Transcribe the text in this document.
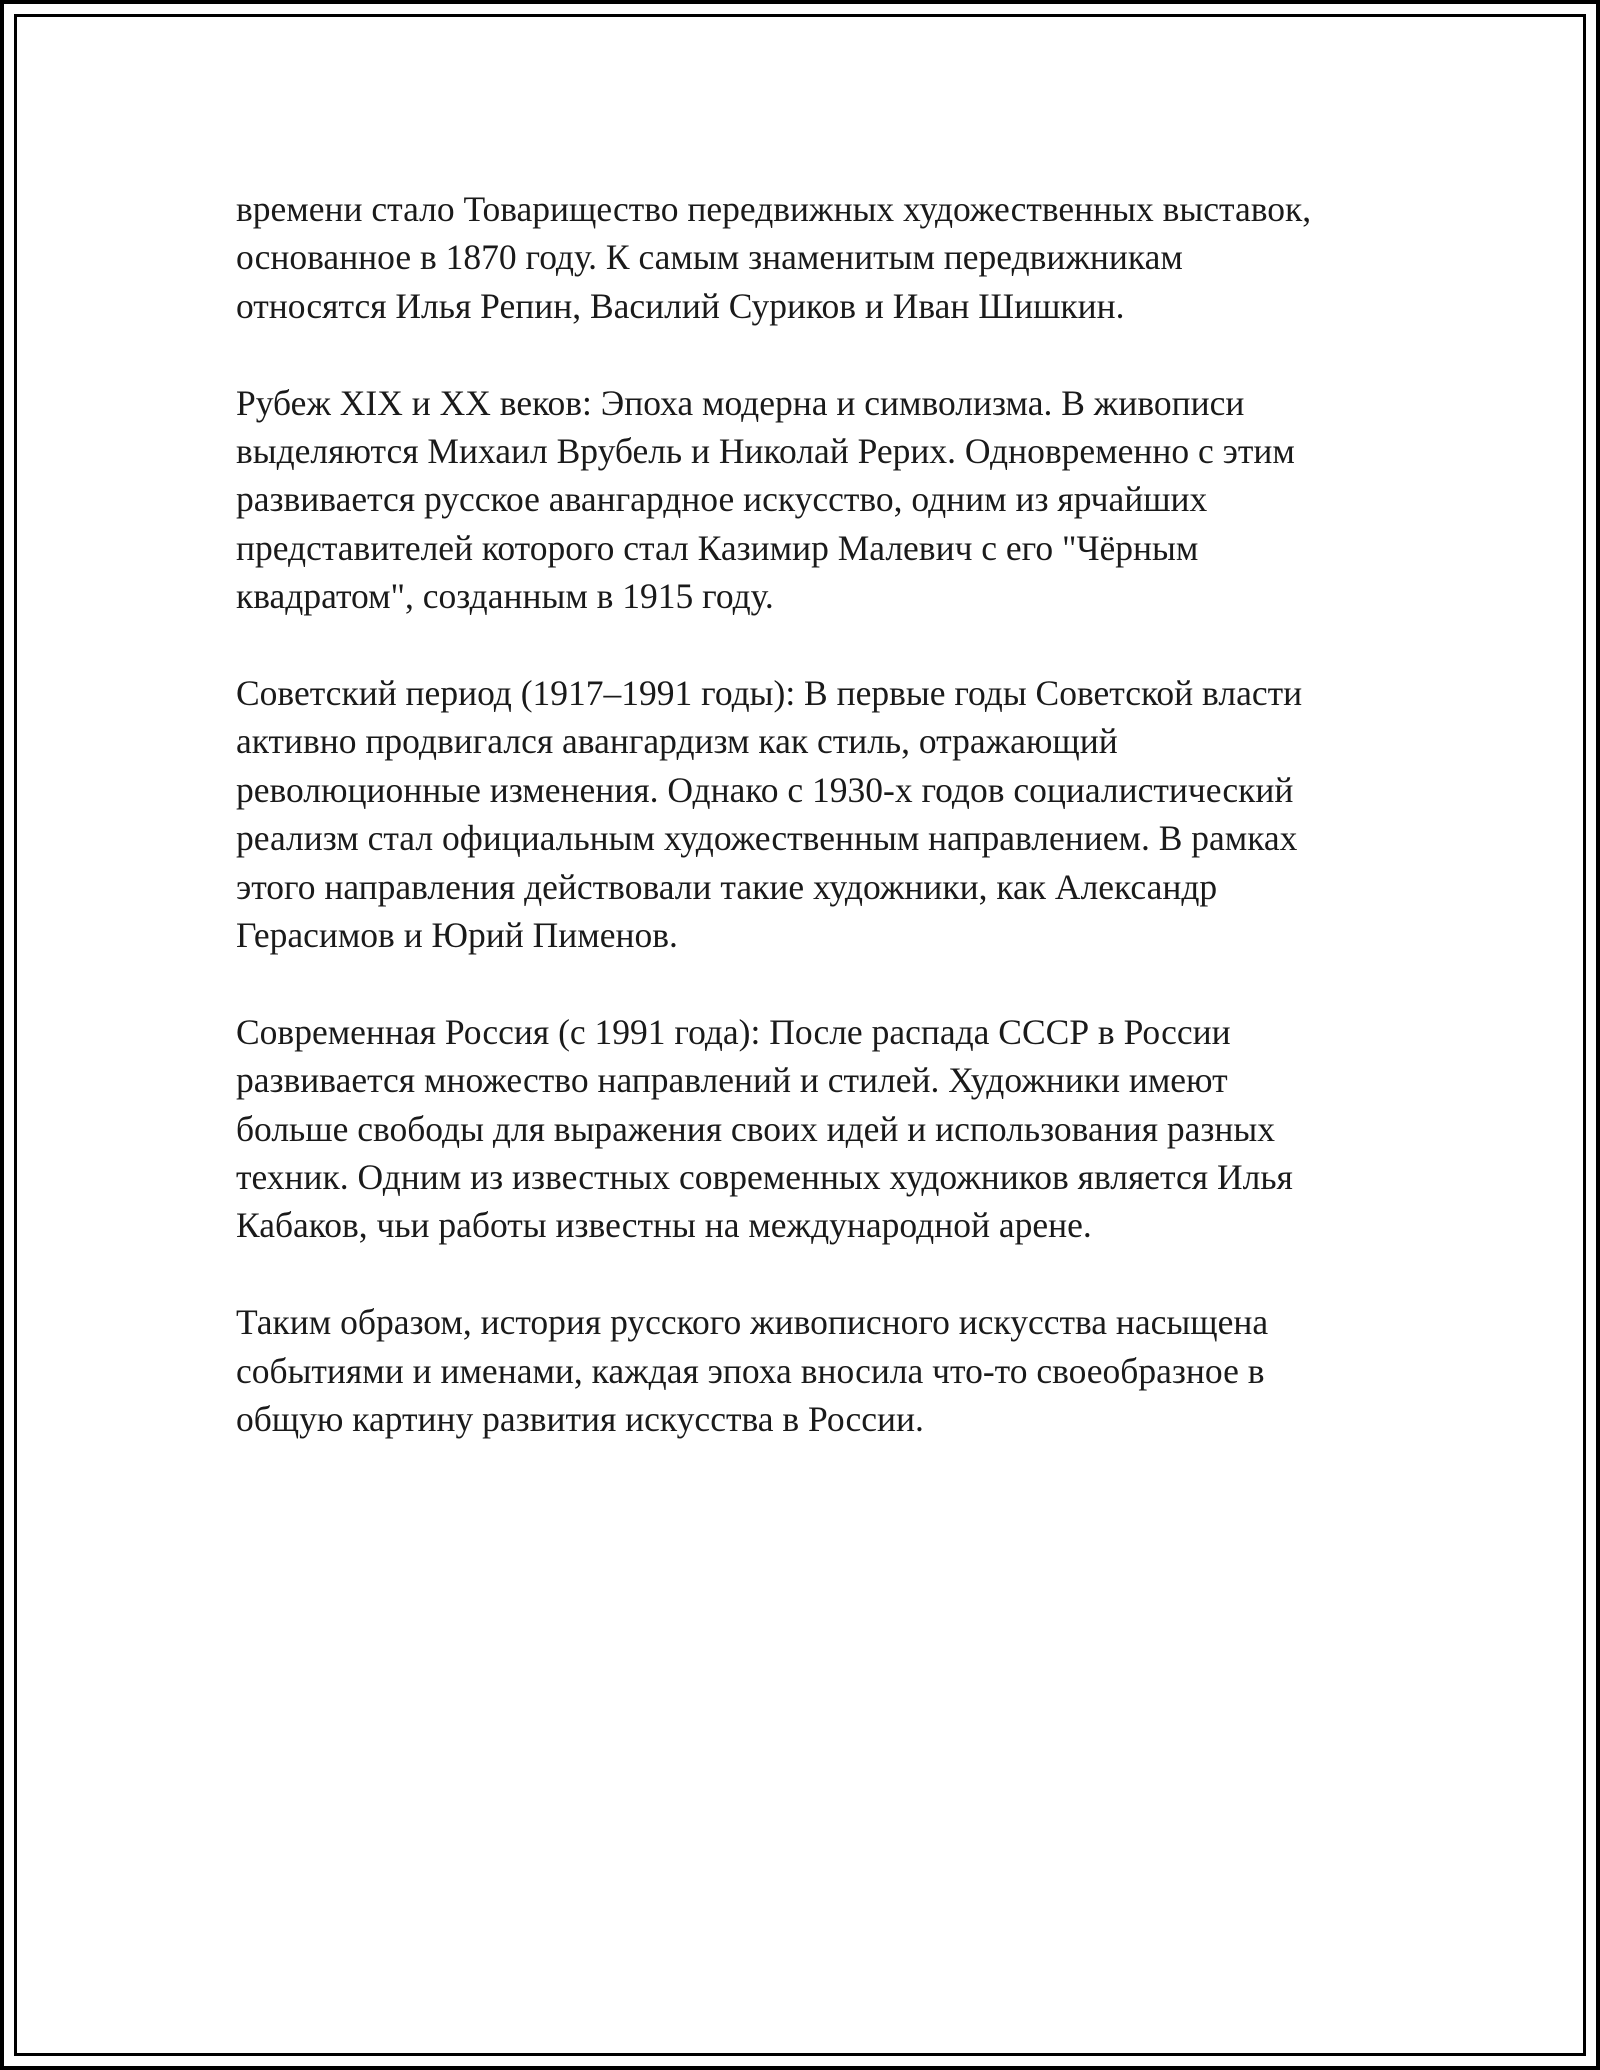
времени стало Товарищество передвижных художественных выставок,
основанное в 1870 году. К самым знаменитым передвижникам
относятся Илья Репин, Василий Суриков и Иван Шишкин.

Рубеж XIX и XX веков: Эпоха модерна и символизма. В живописи
выделяются Михаил Врубель и Николай Рерих. Одновременно с этим
развивается русское авангардное искусство, одним из ярчайших
представителей которого стал Казимир Малевич с его "Чёрным
квадратом", созданным в 1915 году.

Советский период (1917–1991 годы): В первые годы Советской власти
активно продвигался авангардизм как стиль, отражающий
революционные изменения. Однако с 1930-х годов социалистический
реализм стал официальным художественным направлением. В рамках
этого направления действовали такие художники, как Александр
Герасимов и Юрий Пименов.

Современная Россия (с 1991 года): После распада СССР в России
развивается множество направлений и стилей. Художники имеют
больше свободы для выражения своих идей и использования разных
техник. Одним из известных современных художников является Илья
Кабаков, чьи работы известны на международной арене.

Таким образом, история русского живописного искусства насыщена
событиями и именами, каждая эпоха вносила что-то своеобразное в
общую картину развития искусства в России.
